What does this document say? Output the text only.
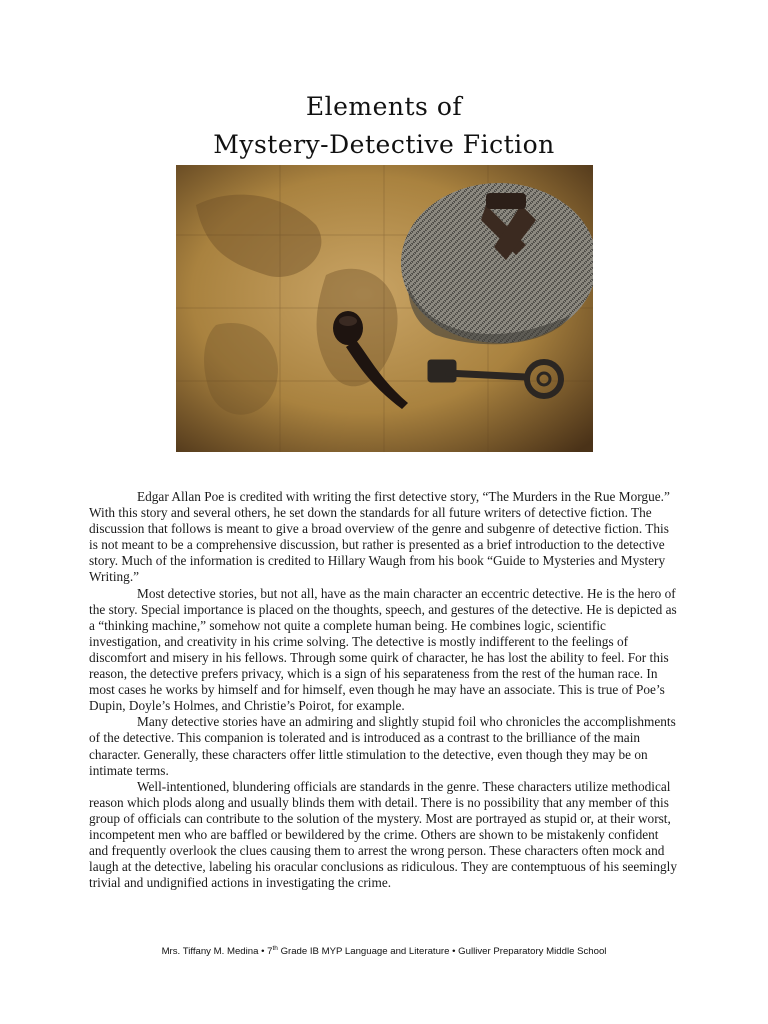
Elements of
Mystery-Detective Fiction

Edgar Allan Poe is credited with writing the first detective story, “The Murders in the Rue Morgue.” With this story and several others, he set down the standards for all future writers of detective fiction. The discussion that follows is meant to give a broad overview of the genre and subgenre of detective fiction. This is not meant to be a comprehensive discussion, but rather is presented as a brief introduction to the detective story. Much of the information is credited to Hillary Waugh from his book “Guide to Mysteries and Mystery Writing.”

Most detective stories, but not all, have as the main character an eccentric detective. He is the hero of the story. Special importance is placed on the thoughts, speech, and gestures of the detective. He is depicted as a “thinking machine,” somehow not quite a complete human being. He combines logic, scientific investigation, and creativity in his crime solving. The detective is mostly indifferent to the feelings of discomfort and misery in his fellows. Through some quirk of character, he has lost the ability to feel. For this reason, the detective prefers privacy, which is a sign of his separateness from the rest of the human race. In most cases he works by himself and for himself, even though he may have an associate. This is true of Poe’s Dupin, Doyle’s Holmes, and Christie’s Poirot, for example.

Many detective stories have an admiring and slightly stupid foil who chronicles the accomplishments of the detective. This companion is tolerated and is introduced as a contrast to the brilliance of the main character. Generally, these characters offer little stimulation to the detective, even though they may be on intimate terms.

Well-intentioned, blundering officials are standards in the genre. These characters utilize methodical reason which plods along and usually blinds them with detail. There is no possibility that any member of this group of officials can contribute to the solution of the mystery. Most are portrayed as stupid or, at their worst, incompetent men who are baffled or bewildered by the crime. Others are shown to be mistakenly confident and frequently overlook the clues causing them to arrest the wrong person. These characters often mock and laugh at the detective, labeling his oracular conclusions as ridiculous. They are contemptuous of his seemingly trivial and undignified actions in investigating the crime.

Mrs. Tiffany M. Medina • 7th Grade IB MYP Language and Literature • Gulliver Preparatory Middle School
